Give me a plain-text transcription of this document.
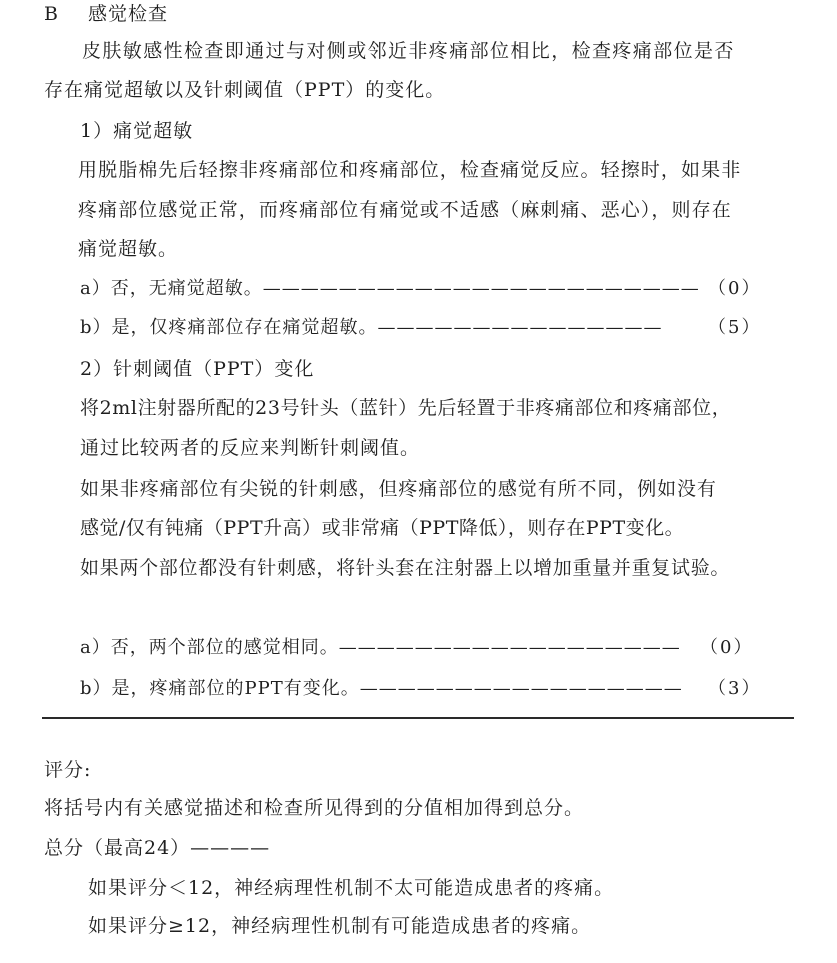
B 感觉检查
皮肤敏感性检查即通过与对侧或邻近非疼痛部位相比，检查疼痛部位是否
存在痛觉超敏以及针刺阈值（PPT）的变化。
1）痛觉超敏
用脱脂棉先后轻擦非疼痛部位和疼痛部位，检查痛觉反应。轻擦时，如果非
疼痛部位感觉正常，而疼痛部位有痛觉或不适感（麻刺痛、恶心），则存在
痛觉超敏。
a）否，无痛觉超敏。——————————————————————— （0）
b）是，仅疼痛部位存在痛觉超敏。———————————————	（5）
2）针刺阈值（PPT）变化
将2ml注射器所配的23号针头（蓝针）先后轻置于非疼痛部位和疼痛部位，
通过比较两者的反应来判断针刺阈值。
如果非疼痛部位有尖锐的针刺感，但疼痛部位的感觉有所不同，例如没有
感觉/仅有钝痛（PPT升高）或非常痛（PPT降低），则存在PPT变化。
如果两个部位都没有针刺感，将针头套在注射器上以增加重量并重复试验。
a）否，两个部位的感觉相同。—————————————————— （0）
b）是，疼痛部位的PPT有变化。————————————————— （3）
评分:
将括号内有关感觉描述和检查所见得到的分值相加得到总分。
总分（最高24）————
如果评分＜12，神经病理性机制不太可能造成患者的疼痛。
如果评分≥12，神经病理性机制有可能造成患者的疼痛。
